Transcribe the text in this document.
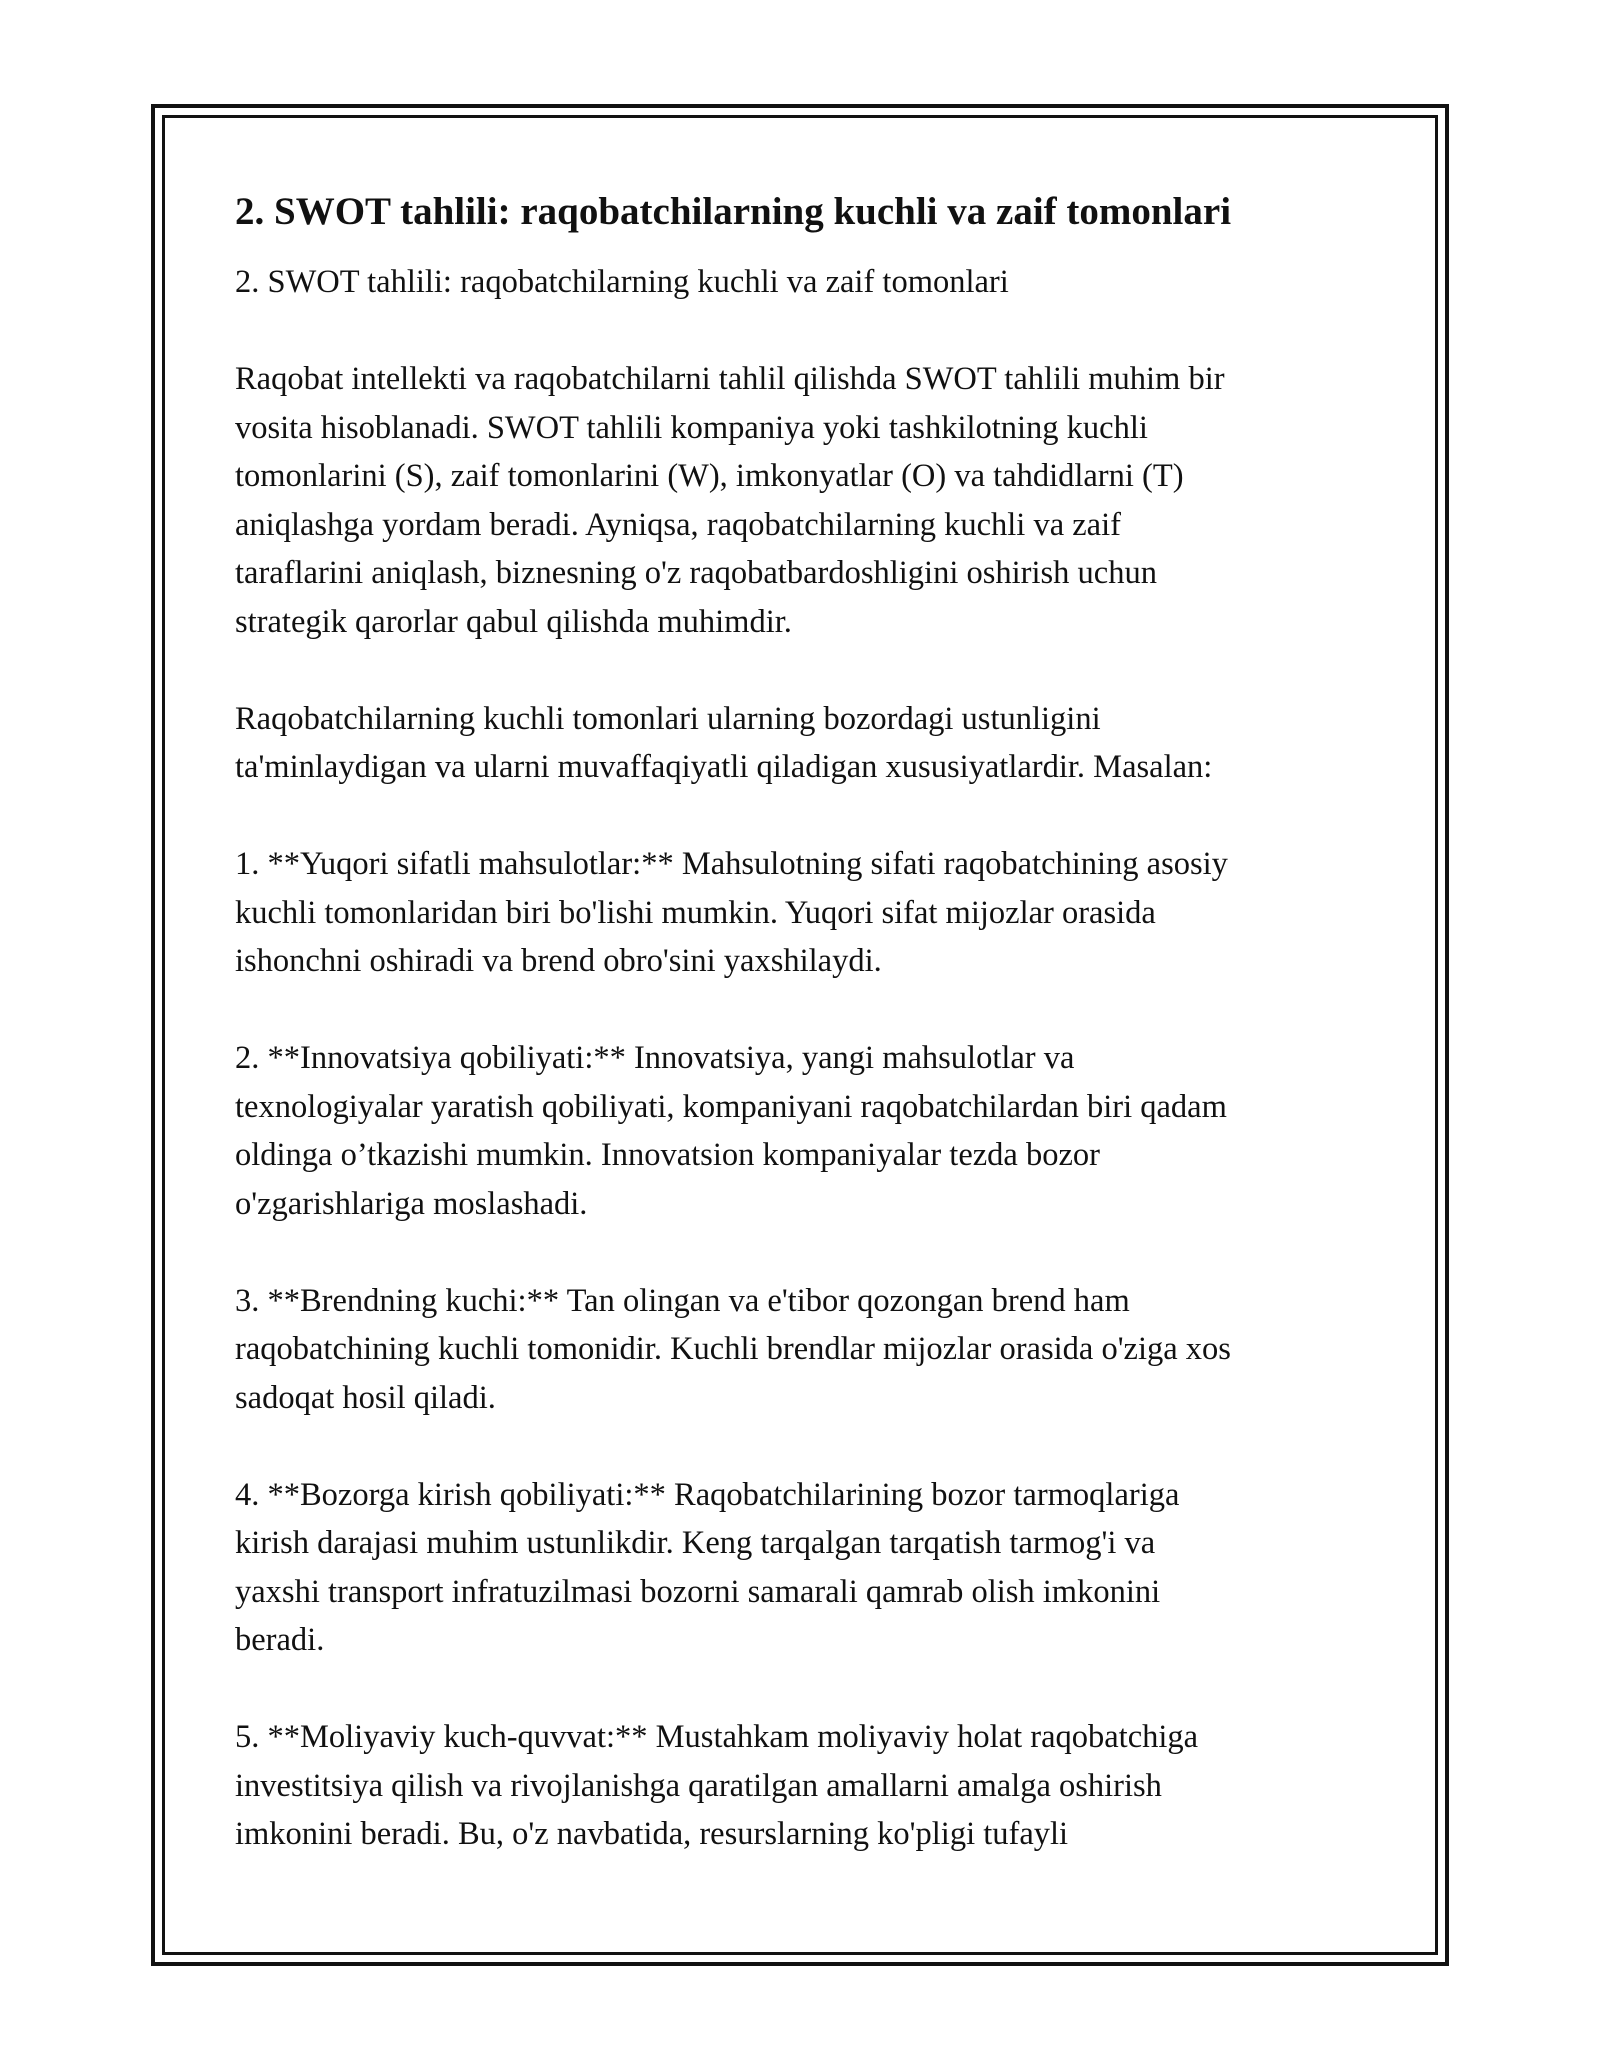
2. SWOT tahlili: raqobatchilarning kuchli va zaif tomonlari
2. SWOT tahlili: raqobatchilarning kuchli va zaif tomonlari
Raqobat intellekti va raqobatchilarni tahlil qilishda SWOT tahlili muhim bir
vosita hisoblanadi. SWOT tahlili kompaniya yoki tashkilotning kuchli
tomonlarini (S), zaif tomonlarini (W), imkonyatlar (O) va tahdidlarni (T)
aniqlashga yordam beradi. Ayniqsa, raqobatchilarning kuchli va zaif
taraflarini aniqlash, biznesning o'z raqobatbardoshligini oshirish uchun
strategik qarorlar qabul qilishda muhimdir.
Raqobatchilarning kuchli tomonlari ularning bozordagi ustunligini
ta'minlaydigan va ularni muvaffaqiyatli qiladigan xususiyatlardir. Masalan:
1. **Yuqori sifatli mahsulotlar:** Mahsulotning sifati raqobatchining asosiy
kuchli tomonlaridan biri bo'lishi mumkin. Yuqori sifat mijozlar orasida
ishonchni oshiradi va brend obro'sini yaxshilaydi.
2. **Innovatsiya qobiliyati:** Innovatsiya, yangi mahsulotlar va
texnologiyalar yaratish qobiliyati, kompaniyani raqobatchilardan biri qadam
oldinga o’tkazishi mumkin. Innovatsion kompaniyalar tezda bozor
o'zgarishlariga moslashadi.
3. **Brendning kuchi:** Tan olingan va e'tibor qozongan brend ham
raqobatchining kuchli tomonidir. Kuchli brendlar mijozlar orasida o'ziga xos
sadoqat hosil qiladi.
4. **Bozorga kirish qobiliyati:** Raqobatchilarining bozor tarmoqlariga
kirish darajasi muhim ustunlikdir. Keng tarqalgan tarqatish tarmog'i va
yaxshi transport infratuzilmasi bozorni samarali qamrab olish imkonini
beradi.
5. **Moliyaviy kuch-quvvat:** Mustahkam moliyaviy holat raqobatchiga
investitsiya qilish va rivojlanishga qaratilgan amallarni amalga oshirish
imkonini beradi. Bu, o'z navbatida, resurslarning ko'pligi tufayli
